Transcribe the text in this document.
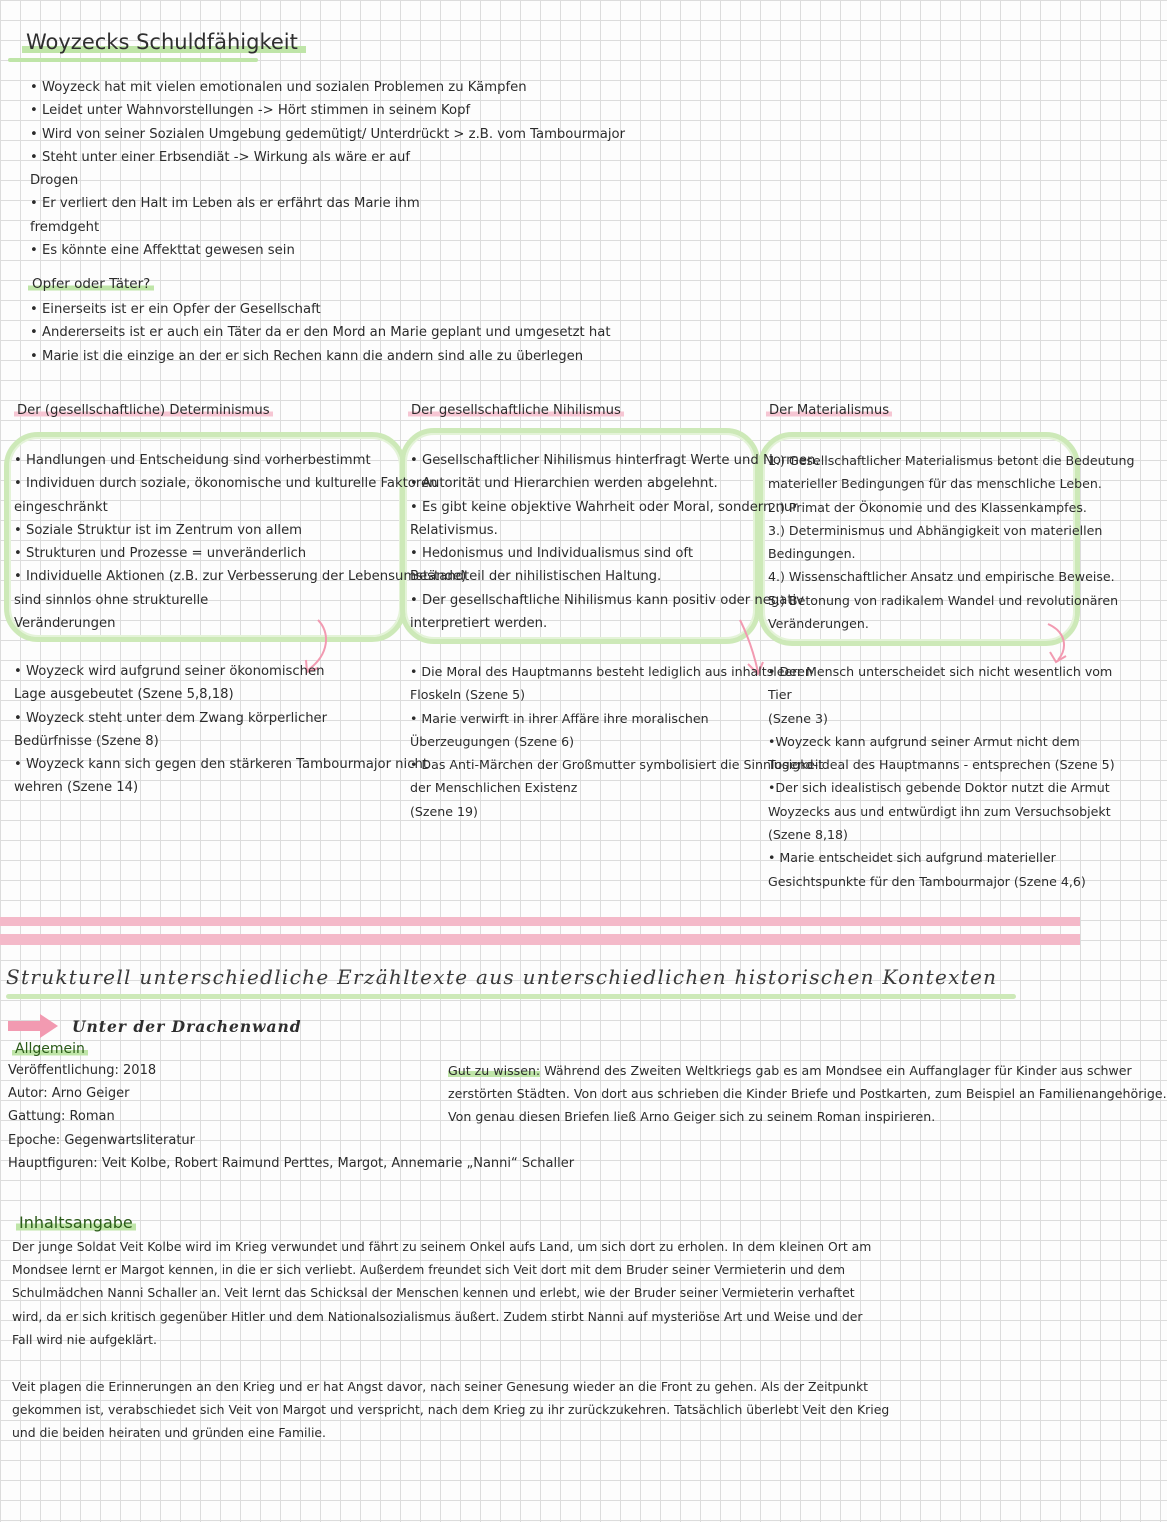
Woyzecks Schuldfähigkeit
• Woyzeck hat mit vielen emotionalen und sozialen Problemen zu Kämpfen
• Leidet unter Wahnvorstellungen -> Hört stimmen in seinem Kopf
• Wird von seiner Sozialen Umgebung gedemütigt/ Unterdrückt > z.B. vom Tambourmajor
• Steht unter einer Erbsendiät -> Wirkung als wäre er auf
Drogen
• Er verliert den Halt im Leben als er erfährt das Marie ihm
fremdgeht
• Es könnte eine Affekttat gewesen sein
Opfer oder Täter?
• Einerseits ist er ein Opfer der Gesellschaft
• Andererseits ist er auch ein Täter da er den Mord an Marie geplant und umgesetzt hat
• Marie ist die einzige an der er sich Rechen kann die andern sind alle zu überlegen
Der (gesellschaftliche) Determinismus	Der gesellschaftliche Nihilismus	Der Materialismus
• Handlungen und Entscheidung sind vorherbestimmt
• Individuen durch soziale, ökonomische und kulturelle Faktoren
eingeschränkt
• Soziale Struktur ist im Zentrum von allem
• Strukturen und Prozesse = unveränderlich
• Individuelle Aktionen (z.B. zur Verbesserung der Lebensumstände)
sind sinnlos ohne strukturelle
Veränderungen
• Gesellschaftlicher Nihilismus hinterfragt Werte und Normen.
• Autorität und Hierarchien werden abgelehnt.
• Es gibt keine objektive Wahrheit oder Moral, sondern nur
Relativismus.
• Hedonismus und Individualismus sind oft
Bestandteil der nihilistischen Haltung.
• Der gesellschaftliche Nihilismus kann positiv oder negativ
interpretiert werden.
1.) Gesellschaftlicher Materialismus betont die Bedeutung
materieller Bedingungen für das menschliche Leben.
2.) Primat der Ökonomie und des Klassenkampfes.
3.) Determinismus und Abhängigkeit von materiellen
Bedingungen.
4.) Wissenschaftlicher Ansatz und empirische Beweise.
5.) Betonung von radikalem Wandel und revolutionären
Veränderungen.
• Woyzeck wird aufgrund seiner ökonomischen
Lage ausgebeutet (Szene 5,8,18)
• Woyzeck steht unter dem Zwang körperlicher
Bedürfnisse (Szene 8)
• Woyzeck kann sich gegen den stärkeren Tambourmajor nicht
wehren (Szene 14)
• Die Moral des Hauptmanns besteht lediglich aus inhaltsleeren
Floskeln (Szene 5)
• Marie verwirft in ihrer Affäre ihre moralischen
Überzeugungen (Szene 6)
• Das Anti-Märchen der Großmutter symbolisiert die Sinnlosigkeit
der Menschlichen Existenz
(Szene 19)
• Der Mensch unterscheidet sich nicht wesentlich vom
Tier
(Szene 3)
•Woyzeck kann aufgrund seiner Armut nicht dem
Tugend-Ideal des Hauptmanns - entsprechen (Szene 5)
•Der sich idealistisch gebende Doktor nutzt die Armut
Woyzecks aus und entwürdigt ihn zum Versuchsobjekt
(Szene 8,18)
• Marie entscheidet sich aufgrund materieller
Gesichtspunkte für den Tambourmajor (Szene 4,6)
Strukturell unterschiedliche Erzähltexte aus unterschiedlichen historischen Kontexten
Unter der Drachenwand
Allgemein
Veröffentlichung: 2018
Autor: Arno Geiger
Gattung: Roman
Epoche: Gegenwartsliteratur
Hauptfiguren: Veit Kolbe, Robert Raimund Perttes, Margot, Annemarie „Nanni“ Schaller
Gut zu wissen: Während des Zweiten Weltkriegs gab es am Mondsee ein Auffanglager für Kinder aus schwer
zerstörten Städten. Von dort aus schrieben die Kinder Briefe und Postkarten, zum Beispiel an Familienangehörige.
Von genau diesen Briefen ließ Arno Geiger sich zu seinem Roman inspirieren.
Inhaltsangabe
Der junge Soldat Veit Kolbe wird im Krieg verwundet und fährt zu seinem Onkel aufs Land, um sich dort zu erholen. In dem kleinen Ort am
Mondsee lernt er Margot kennen, in die er sich verliebt. Außerdem freundet sich Veit dort mit dem Bruder seiner Vermieterin und dem
Schulmädchen Nanni Schaller an. Veit lernt das Schicksal der Menschen kennen und erlebt, wie der Bruder seiner Vermieterin verhaftet
wird, da er sich kritisch gegenüber Hitler und dem Nationalsozialismus äußert. Zudem stirbt Nanni auf mysteriöse Art und Weise und der
Fall wird nie aufgeklärt.
Veit plagen die Erinnerungen an den Krieg und er hat Angst davor, nach seiner Genesung wieder an die Front zu gehen. Als der Zeitpunkt
gekommen ist, verabschiedet sich Veit von Margot und verspricht, nach dem Krieg zu ihr zurückzukehren. Tatsächlich überlebt Veit den Krieg
und die beiden heiraten und gründen eine Familie.
